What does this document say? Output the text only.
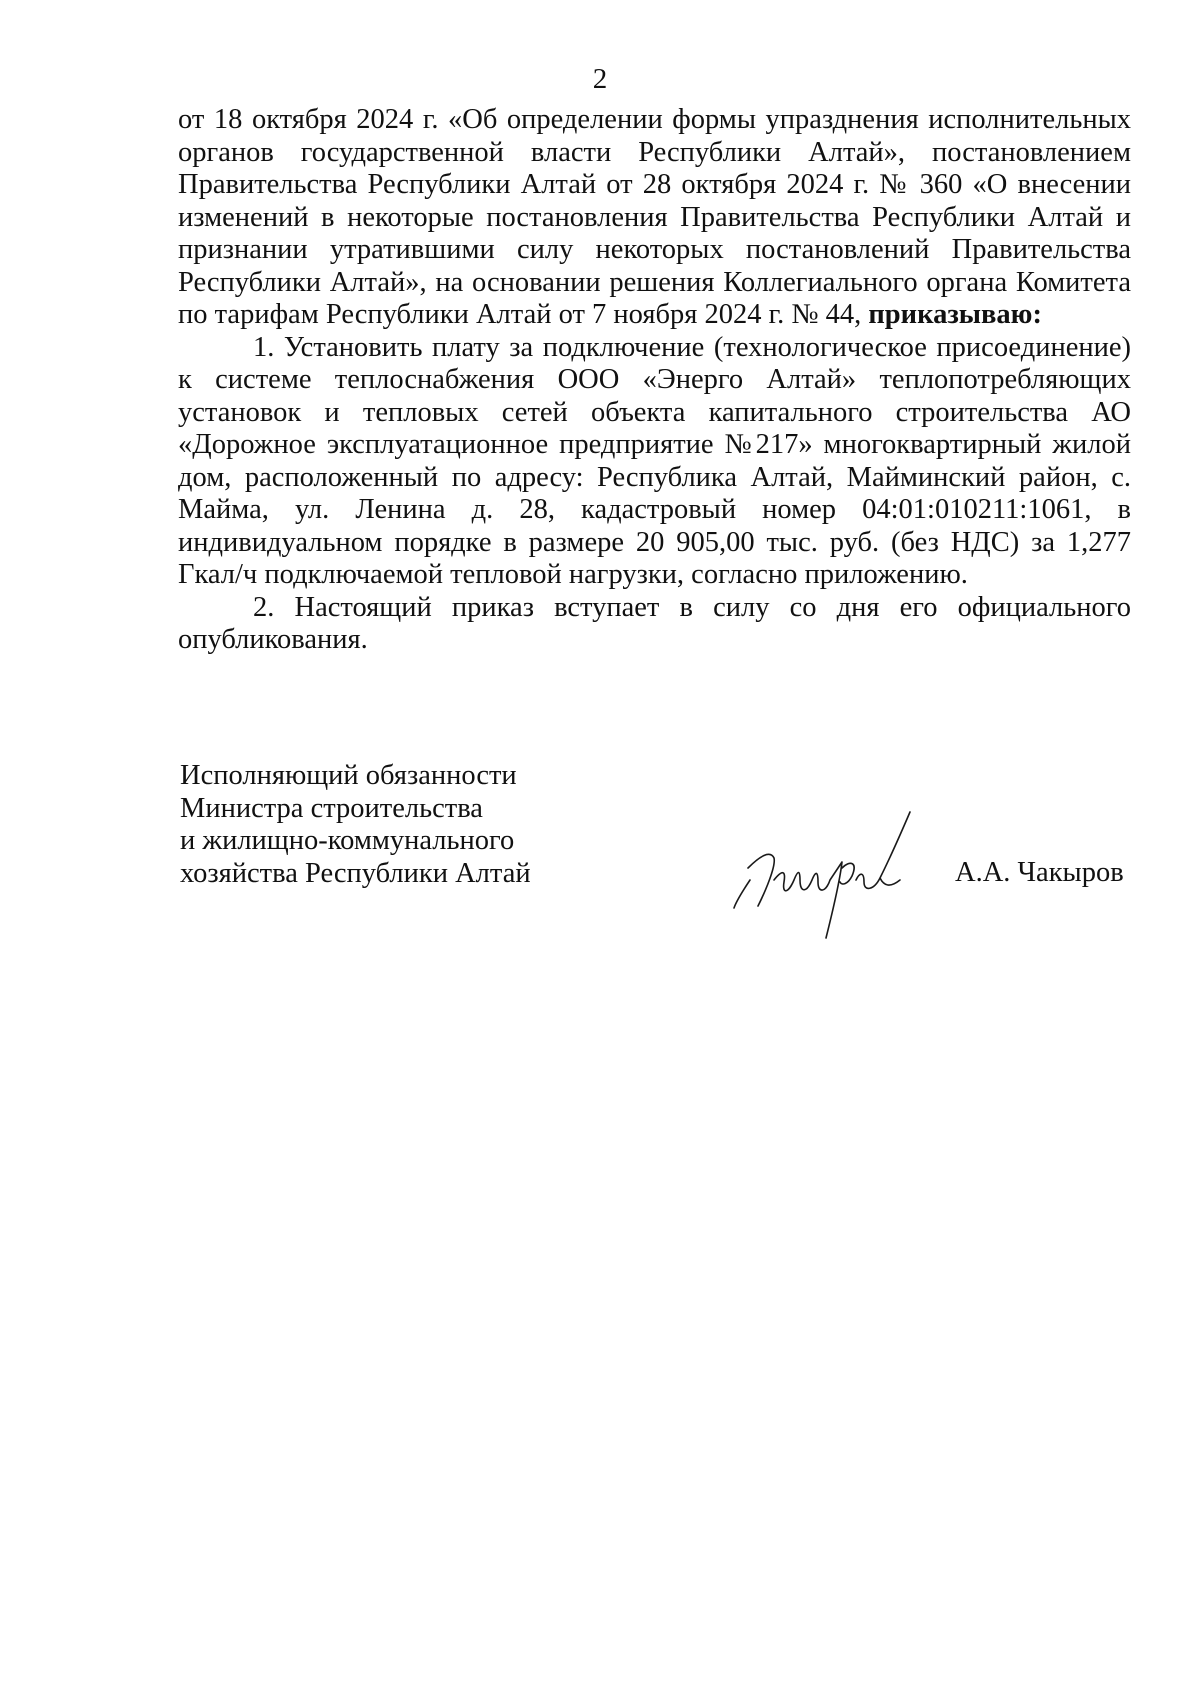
2

от 18 октября 2024 г. «Об определении формы упразднения исполнительных органов государственной власти Республики Алтай», постановлением Правительства Республики Алтай от 28 октября 2024 г. № 360 «О внесении изменений в некоторые постановления Правительства Республики Алтай и признании утратившими силу некоторых постановлений Правительства Республики Алтай», на основании решения Коллегиального органа Комитета по тарифам Республики Алтай от 7 ноября 2024 г. № 44, приказываю:

1. Установить плату за подключение (технологическое присоединение) к системе теплоснабжения ООО «Энерго Алтай» теплопотребляющих установок и тепловых сетей объекта капитального строительства АО «Дорожное эксплуатационное предприятие №217» многоквартирный жилой дом, расположенный по адресу: Республика Алтай, Майминский район, с. Майма, ул. Ленина д. 28, кадастровый номер 04:01:010211:1061, в индивидуальном порядке в размере 20 905,00 тыс. руб. (без НДС) за 1,277 Гкал/ч подключаемой тепловой нагрузки, согласно приложению.

2. Настоящий приказ вступает в силу со дня его официального опубликования.

Исполняющий обязанности
Министра строительства
и жилищно-коммунального
хозяйства Республики Алтай	А.А. Чакыров
